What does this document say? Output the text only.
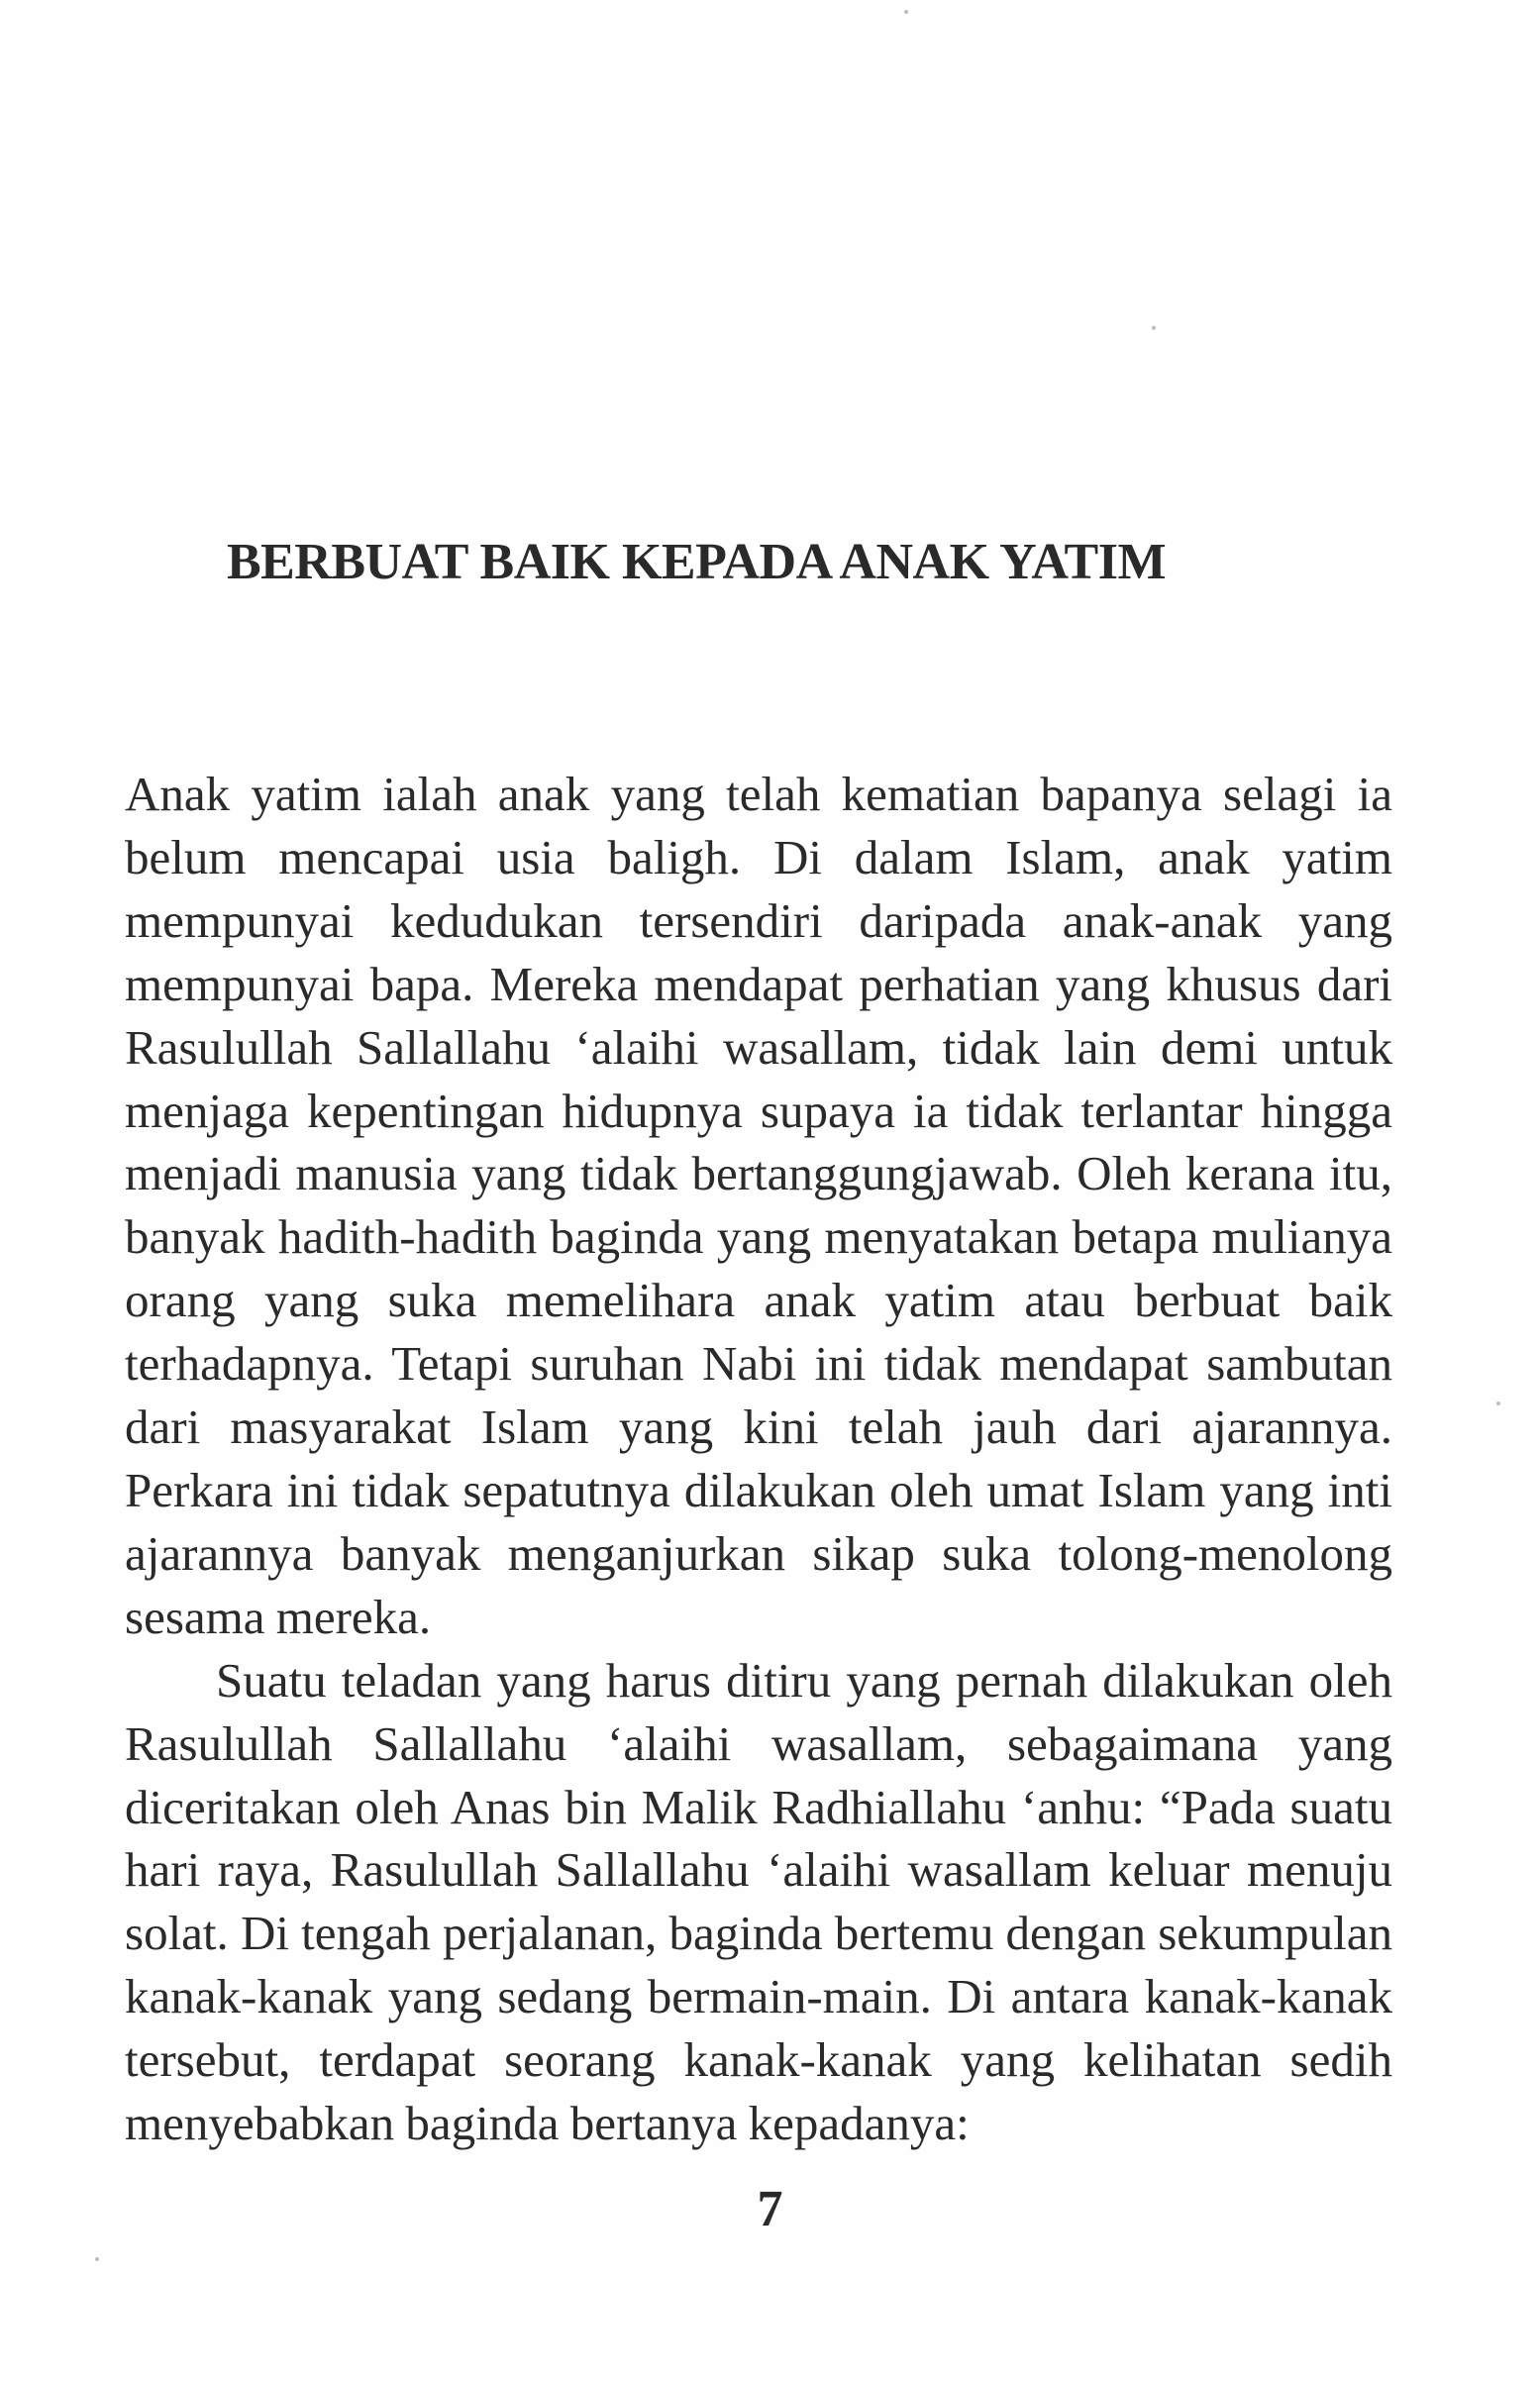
BERBUAT BAIK KEPADA ANAK YATIM

Anak yatim ialah anak yang telah kematian bapanya selagi ia belum mencapai usia baligh. Di dalam Islam, anak yatim mempunyai kedudukan tersendiri daripada anak-anak yang mempunyai bapa. Mereka mendapat perhatian yang khusus dari Rasulullah Sallallahu ‘alaihi wasallam, tidak lain demi untuk menjaga kepentingan hidupnya supaya ia tidak terlantar hingga menjadi manusia yang tidak bertanggungjawab. Oleh kerana itu, banyak hadith-hadith baginda yang menyatakan betapa mulianya orang yang suka memelihara anak yatim atau berbuat baik terhadapnya. Tetapi suruhan Nabi ini tidak mendapat sambutan dari masyarakat Islam yang kini telah jauh dari ajarannya. Perkara ini tidak sepatutnya dilakukan oleh umat Islam yang inti ajarannya banyak menganjurkan sikap suka tolong-menolong sesama mereka.

Suatu teladan yang harus ditiru yang pernah dilakukan oleh Rasulullah Sallallahu ‘alaihi wasallam, sebagaimana yang diceritakan oleh Anas bin Malik Radhiallahu ‘anhu: “Pada suatu hari raya, Rasulullah Sallallahu ‘alaihi wasallam keluar menuju solat. Di tengah perjalanan, baginda bertemu dengan sekumpulan kanak-kanak yang sedang bermain-main. Di antara kanak-kanak tersebut, terdapat seorang kanak-kanak yang kelihatan sedih menyebabkan baginda bertanya kepadanya:

7
